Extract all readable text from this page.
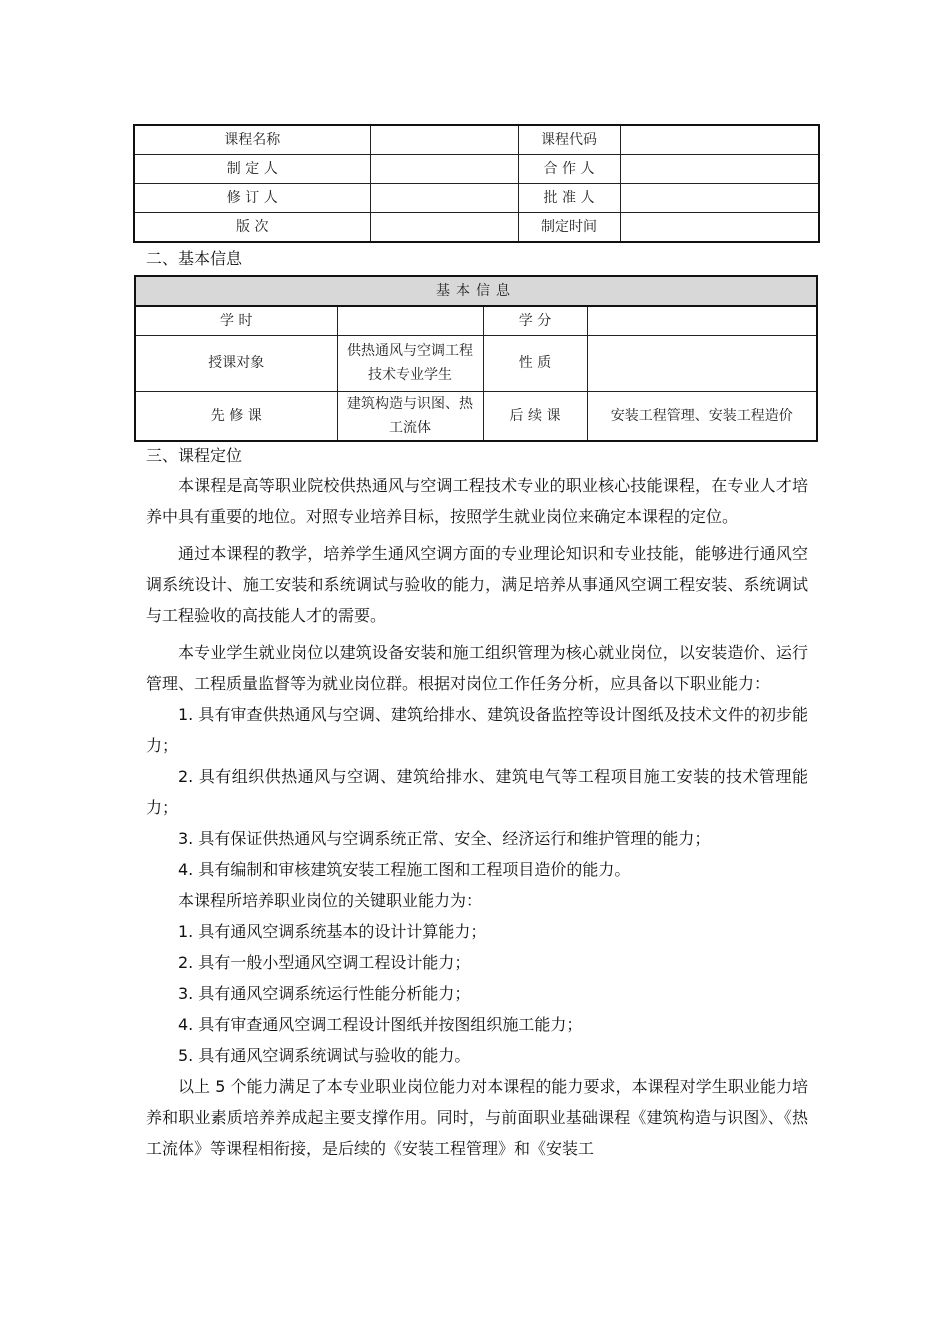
课程名称		课程代码	
制 定 人		合 作 人	
修 订 人		批 准 人	
版 次		制定时间	
二、基本信息
基本信息			
学 时		学 分	
授课对象	供热通风与空调工程技术专业学生	性 质	
先 修 课	建筑构造与识图、热工流体	后 续 课	安装工程管理、安装工程造价
三、课程定位

本课程是高等职业院校供热通风与空调工程技术专业的职业核心技能课程，在专业人才培养中具有重要的地位。对照专业培养目标，按照学生就业岗位来确定本课程的定位。

通过本课程的教学，培养学生通风空调方面的专业理论知识和专业技能，能够进行通风空调系统设计、施工安装和系统调试与验收的能力，满足培养从事通风空调工程安装、系统调试与工程验收的高技能人才的需要。

本专业学生就业岗位以建筑设备安装和施工组织管理为核心就业岗位，以安装造价、运行管理、工程质量监督等为就业岗位群。根据对岗位工作任务分析，应具备以下职业能力：

1. 具有审查供热通风与空调、建筑给排水、建筑设备监控等设计图纸及技术文件的初步能力；

2. 具有组织供热通风与空调、建筑给排水、建筑电气等工程项目施工安装的技术管理能力；

3. 具有保证供热通风与空调系统正常、安全、经济运行和维护管理的能力；

4. 具有编制和审核建筑安装工程施工图和工程项目造价的能力。

本课程所培养职业岗位的关键职业能力为：

1. 具有通风空调系统基本的设计计算能力；

2. 具有一般小型通风空调工程设计能力；

3. 具有通风空调系统运行性能分析能力；

4. 具有审查通风空调工程设计图纸并按图组织施工能力；

5. 具有通风空调系统调试与验收的能力。

以上 5 个能力满足了本专业职业岗位能力对本课程的能力要求，本课程对学生职业能力培养和职业素质培养养成起主要支撑作用。同时，与前面职业基础课程《建筑构造与识图》、《热工流体》等课程相衔接，是后续的《安装工程管理》和《安装工
